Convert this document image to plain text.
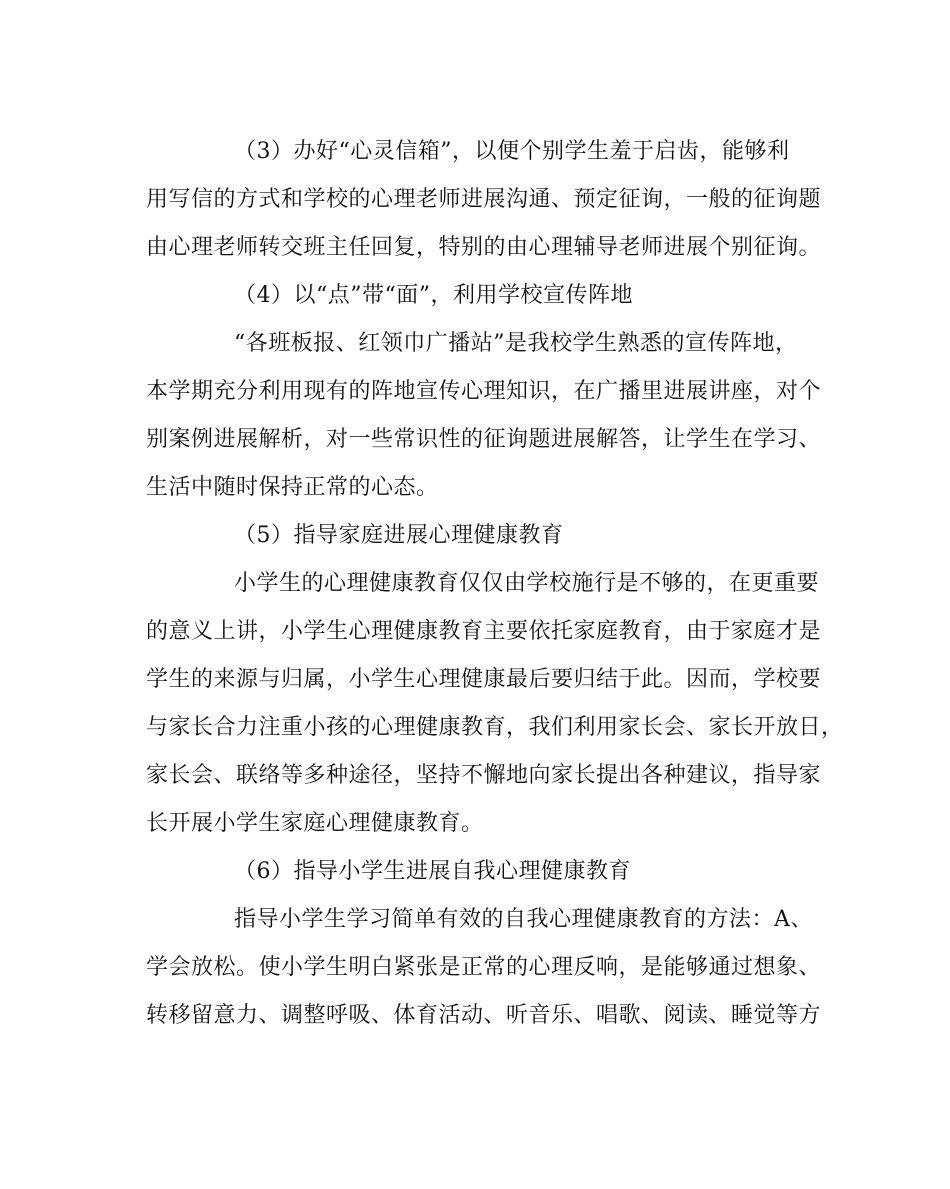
（3）办好“心灵信箱”，以便个别学生羞于启齿，能够利
用写信的方式和学校的心理老师进展沟通、预定征询，一般的征询题
由心理老师转交班主任回复，特别的由心理辅导老师进展个别征询。
（4）以“点”带“面”，利用学校宣传阵地
“各班板报、红领巾广播站”是我校学生熟悉的宣传阵地，
本学期充分利用现有的阵地宣传心理知识，在广播里进展讲座，对个
别案例进展解析，对一些常识性的征询题进展解答，让学生在学习、
生活中随时保持正常的心态。
（5）指导家庭进展心理健康教育
小学生的心理健康教育仅仅由学校施行是不够的，在更重要
的意义上讲，小学生心理健康教育主要依托家庭教育，由于家庭才是
学生的来源与归属，小学生心理健康最后要归结于此。因而，学校要
与家长合力注重小孩的心理健康教育，我们利用家长会、家长开放日，
家长会、联络等多种途径，坚持不懈地向家长提出各种建议，指导家
长开展小学生家庭心理健康教育。
（6）指导小学生进展自我心理健康教育
指导小学生学习简单有效的自我心理健康教育的方法：A、
学会放松。使小学生明白紧张是正常的心理反响，是能够通过想象、
转移留意力、调整呼吸、体育活动、听音乐、唱歌、阅读、睡觉等方
